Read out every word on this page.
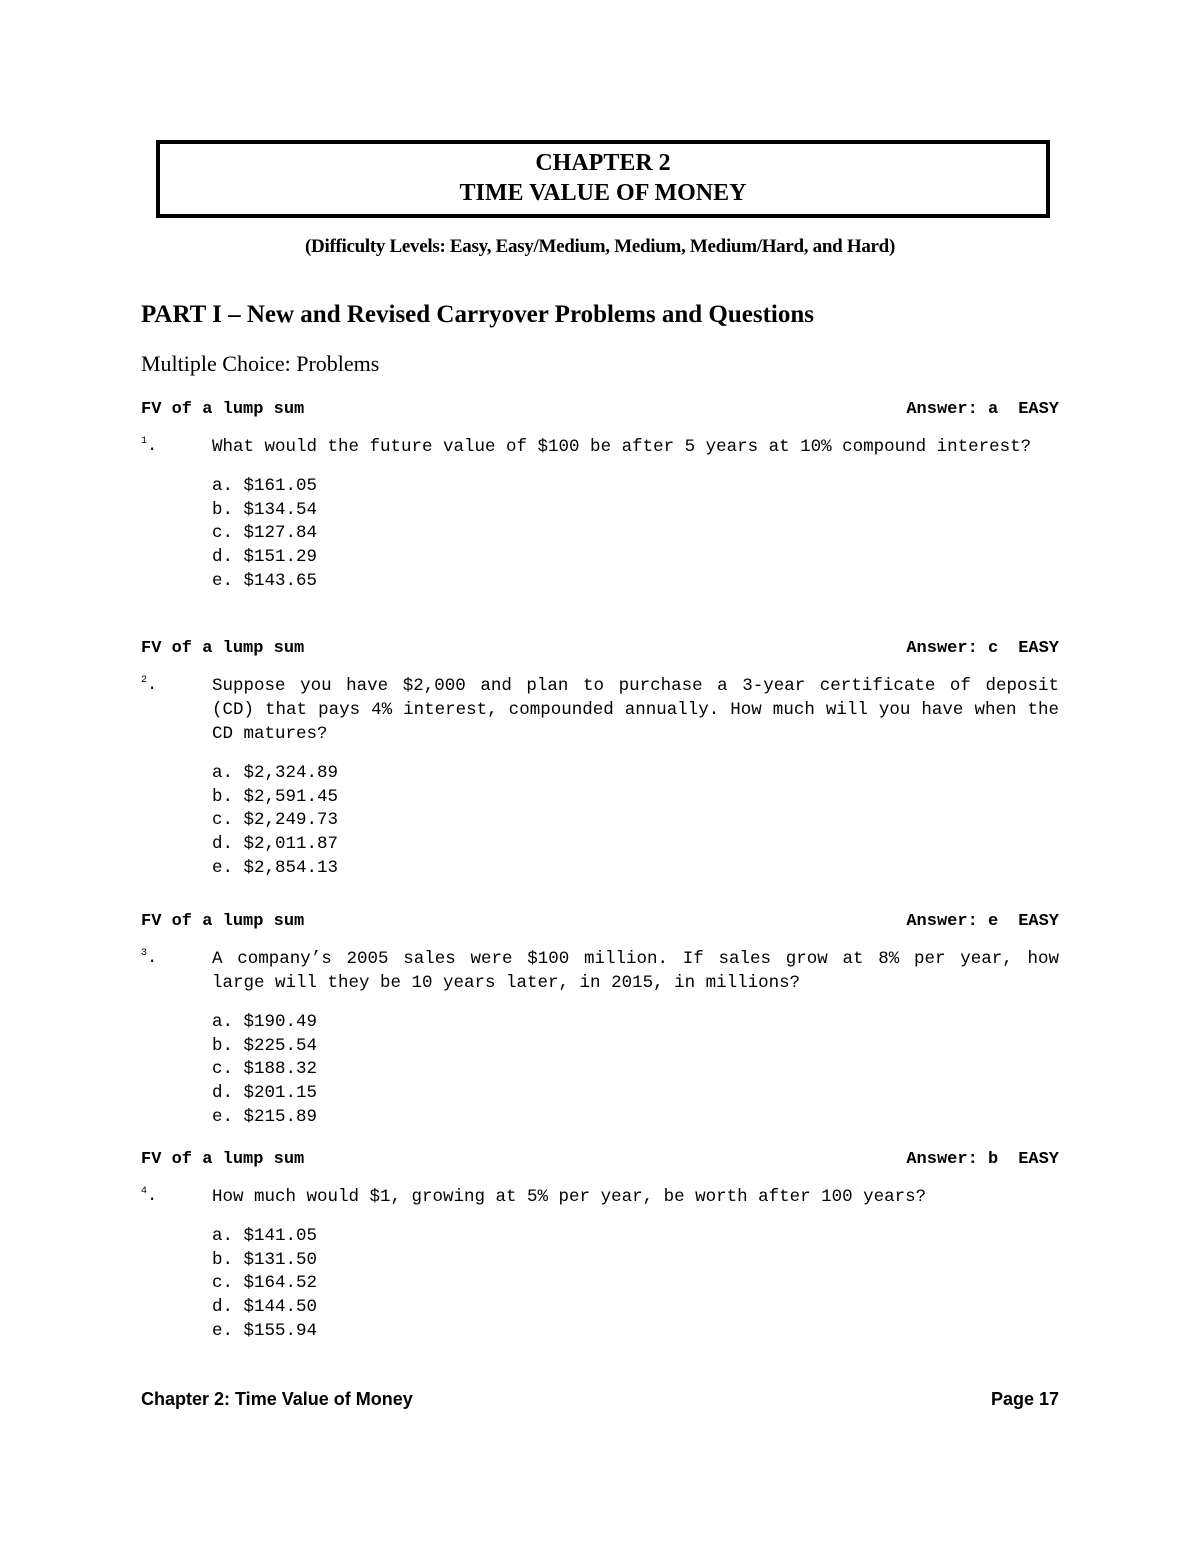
CHAPTER 2
TIME VALUE OF MONEY
(Difficulty Levels: Easy, Easy/Medium, Medium, Medium/Hard, and Hard)
PART I – New and Revised Carryover Problems and Questions
Multiple Choice: Problems
FV of a lump sum	Answer: a EASY
$^1$.	What would the future value of $100 be after 5 years at 10% compound interest?
a. $161.05
b. $134.54
c. $127.84
d. $151.29
e. $143.65
FV of a lump sum	Answer: c EASY
$^2$.	Suppose you have $2,000 and plan to purchase a 3-year certificate of deposit (CD) that pays 4% interest, compounded annually. How much will you have when the CD matures?
a. $2,324.89
b. $2,591.45
c. $2,249.73
d. $2,011.87
e. $2,854.13
FV of a lump sum	Answer: e EASY
$^3$.	A company’s 2005 sales were $100 million. If sales grow at 8% per year, how large will they be 10 years later, in 2015, in millions?
a. $190.49
b. $225.54
c. $188.32
d. $201.15
e. $215.89
FV of a lump sum	Answer: b EASY
$^4$.	How much would $1, growing at 5% per year, be worth after 100 years?
a. $141.05
b. $131.50
c. $164.52
d. $144.50
e. $155.94
Chapter 2: Time Value of Money	Page 17
